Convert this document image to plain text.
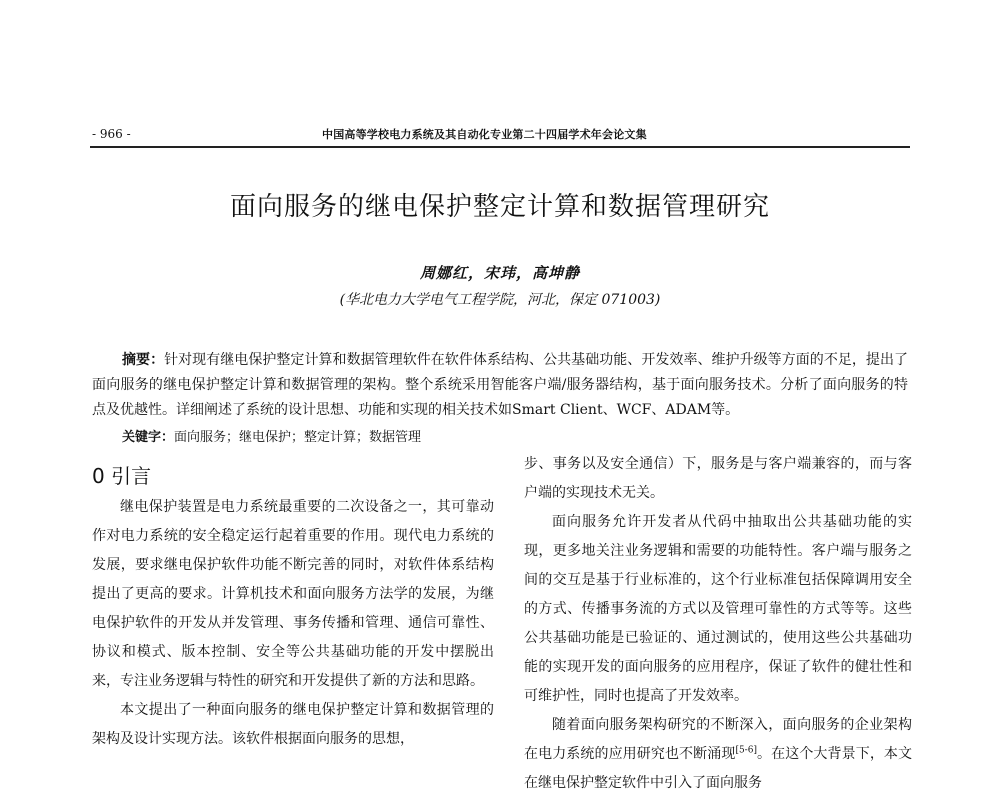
- 966 -	中国高等学校电力系统及其自动化专业第二十四届学术年会论文集
面向服务的继电保护整定计算和数据管理研究
周娜红，宋玮，高坤静
(华北电力大学电气工程学院，河北，保定 071003)

摘要：针对现有继电保护整定计算和数据管理软件在软件体系结构、公共基础功能、开发效率、维护升级等方面的不足，提出了面向服务的继电保护整定计算和数据管理的架构。整个系统采用智能客户端/服务器结构，基于面向服务技术。分析了面向服务的特点及优越性。详细阐述了系统的设计思想、功能和实现的相关技术如Smart Client、WCF、ADAM等。

关键字：面向服务；继电保护；整定计算；数据管理

0 引言

继电保护装置是电力系统最重要的二次设备之一，其可靠动作对电力系统的安全稳定运行起着重要的作用。现代电力系统的发展，要求继电保护软件功能不断完善的同时，对软件体系结构提出了更高的要求。计算机技术和面向服务方法学的发展，为继电保护软件的开发从并发管理、事务传播和管理、通信可靠性、协议和模式、版本控制、安全等公共基础功能的开发中摆脱出来，专注业务逻辑与特性的研究和开发提供了新的方法和思路。

本文提出了一种面向服务的继电保护整定计算和数据管理的架构及设计实现方法。该软件根据面向服务的思想，

步、事务以及安全通信）下，服务是与客户端兼容的，而与客户端的实现技术无关。

面向服务允许开发者从代码中抽取出公共基础功能的实现，更多地关注业务逻辑和需要的功能特性。客户端与服务之间的交互是基于行业标准的，这个行业标准包括保障调用安全的方式、传播事务流的方式以及管理可靠性的方式等等。这些公共基础功能是已验证的、通过测试的，使用这些公共基础功能的实现开发的面向服务的应用程序，保证了软件的健壮性和可维护性，同时也提高了开发效率。

随着面向服务架构研究的不断深入，面向服务的企业架构在电力系统的应用研究也不断涌现[5-6]。在这个大背景下，本文在继电保护整定软件中引入了面向服务
